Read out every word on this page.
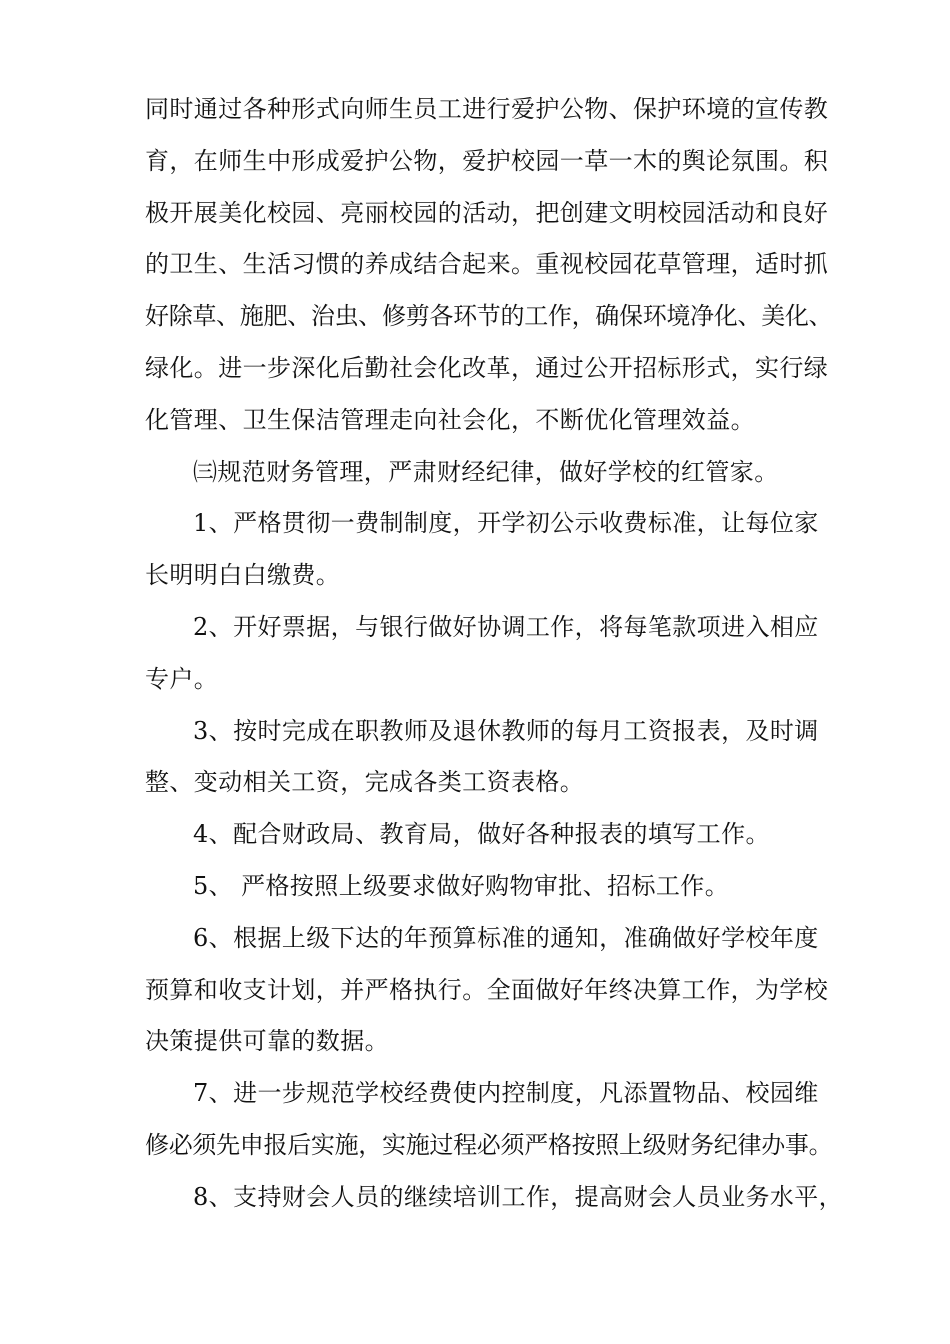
同时通过各种形式向师生员工进行爱护公物、保护环境的宣传教
育，在师生中形成爱护公物，爱护校园一草一木的舆论氛围。积
极开展美化校园、亮丽校园的活动，把创建文明校园活动和良好
的卫生、生活习惯的养成结合起来。重视校园花草管理，适时抓
好除草、施肥、治虫、修剪各环节的工作，确保环境净化、美化、
绿化。进一步深化后勤社会化改革，通过公开招标形式，实行绿
化管理、卫生保洁管理走向社会化，不断优化管理效益。

㈢规范财务管理，严肃财经纪律，做好学校的红管家。

1、严格贯彻一费制制度，开学初公示收费标准，让每位家
长明明白白缴费。

2、开好票据，与银行做好协调工作，将每笔款项进入相应
专户。

3、按时完成在职教师及退休教师的每月工资报表，及时调
整、变动相关工资，完成各类工资表格。

4、配合财政局、教育局，做好各种报表的填写工作。

5、 严格按照上级要求做好购物审批、招标工作。

6、根据上级下达的年预算标准的通知，准确做好学校年度
预算和收支计划，并严格执行。全面做好年终决算工作，为学校
决策提供可靠的数据。

7、进一步规范学校经费使内控制度，凡添置物品、校园维
修必须先申报后实施，实施过程必须严格按照上级财务纪律办事。

8、支持财会人员的继续培训工作，提高财会人员业务水平，
